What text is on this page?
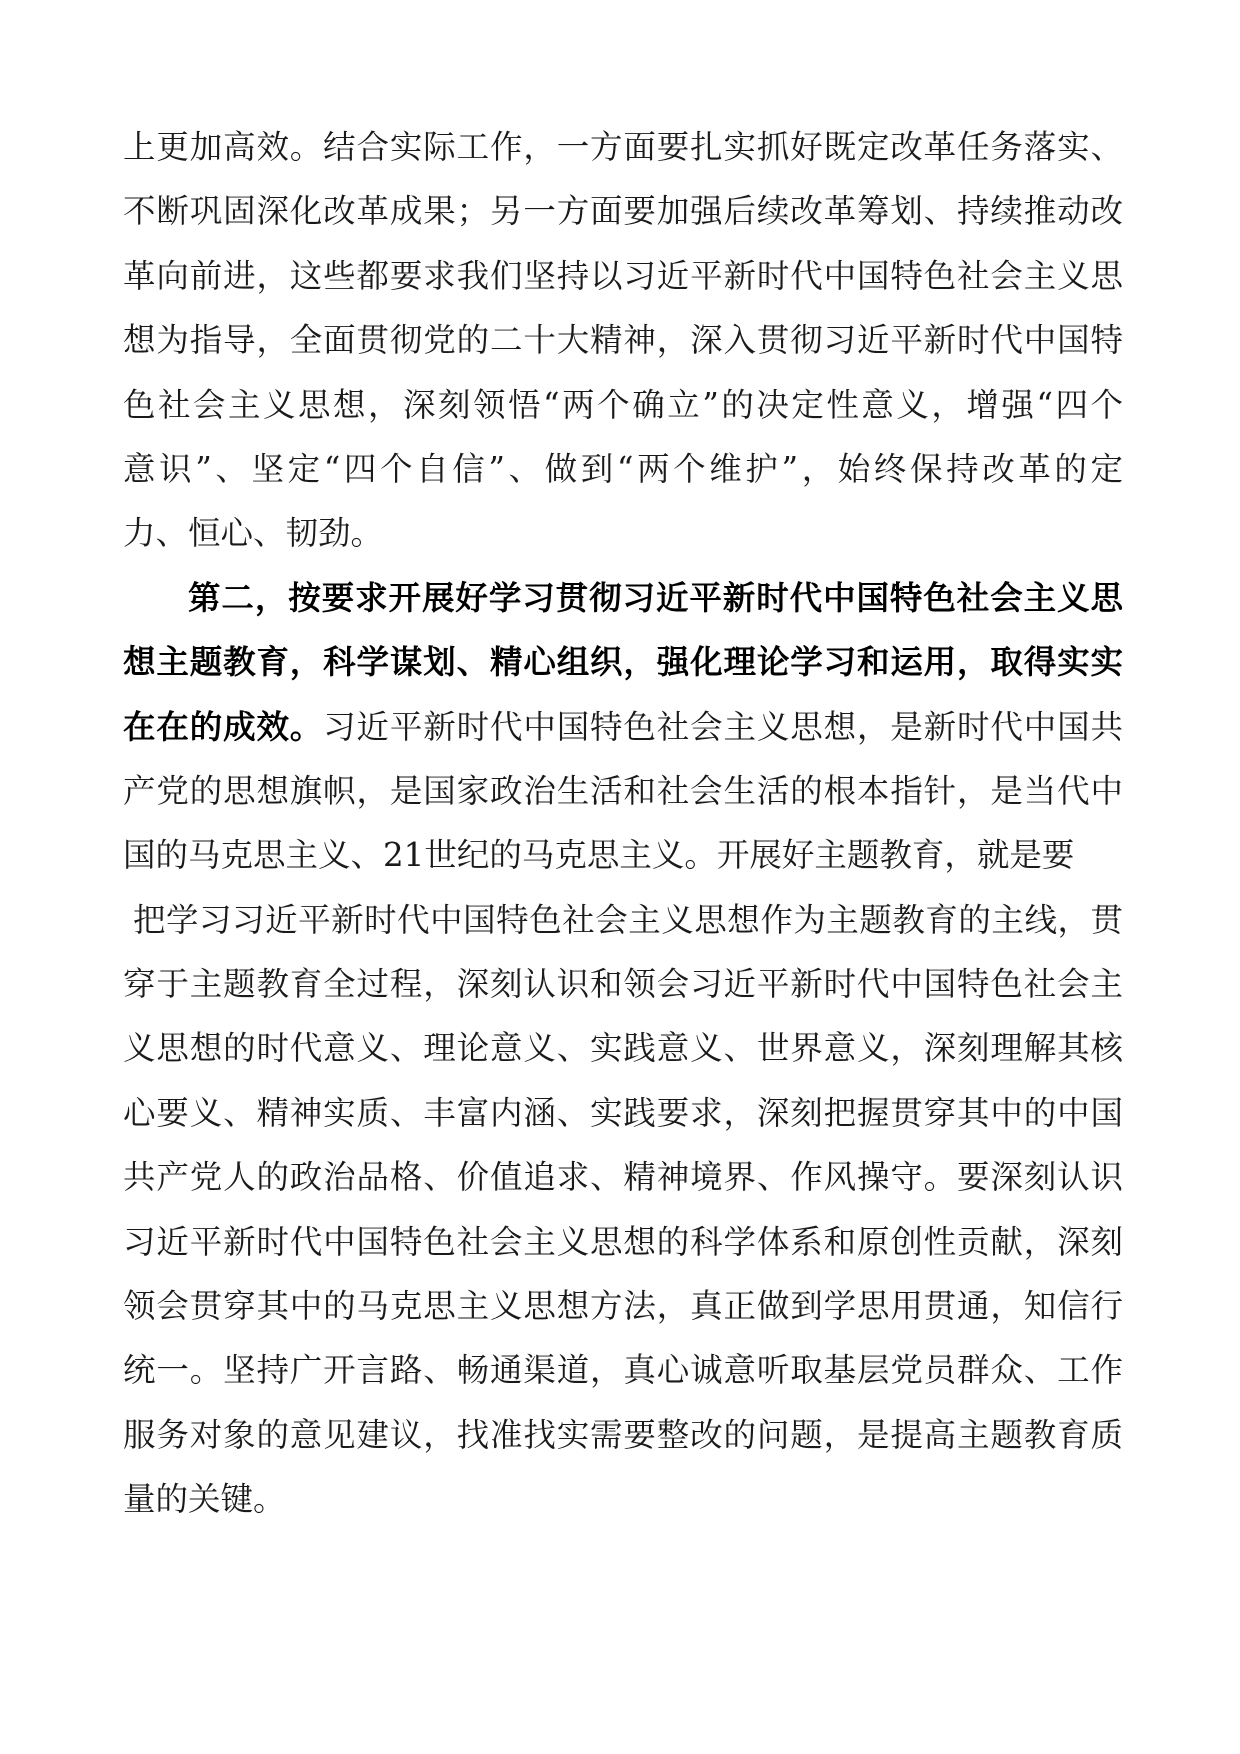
上更加高效。结合实际工作，一方面要扎实抓好既定改革任务落实、
不断巩固深化改革成果；另一方面要加强后续改革筹划、持续推动改
革向前进，这些都要求我们坚持以习近平新时代中国特色社会主义思
想为指导，全面贯彻党的二十大精神，深入贯彻习近平新时代中国特
色社会主义思想，深刻领悟“两个确立”的决定性意义，增强“四个
意识”、坚定“四个自信”、做到“两个维护”，始终保持改革的定
力、恒心、韧劲。
第二，按要求开展好学习贯彻习近平新时代中国特色社会主义思
想主题教育，科学谋划、精心组织，强化理论学习和运用，取得实实
在在的成效。习近平新时代中国特色社会主义思想，是新时代中国共
产党的思想旗帜，是国家政治生活和社会生活的根本指针，是当代中
国的马克思主义、21世纪的马克思主义。开展好主题教育，就是要
把学习习近平新时代中国特色社会主义思想作为主题教育的主线，贯
穿于主题教育全过程，深刻认识和领会习近平新时代中国特色社会主
义思想的时代意义、理论意义、实践意义、世界意义，深刻理解其核
心要义、精神实质、丰富内涵、实践要求，深刻把握贯穿其中的中国
共产党人的政治品格、价值追求、精神境界、作风操守。要深刻认识
习近平新时代中国特色社会主义思想的科学体系和原创性贡献，深刻
领会贯穿其中的马克思主义思想方法，真正做到学思用贯通，知信行
统一。坚持广开言路、畅通渠道，真心诚意听取基层党员群众、工作
服务对象的意见建议，找准找实需要整改的问题，是提高主题教育质
量的关键。
